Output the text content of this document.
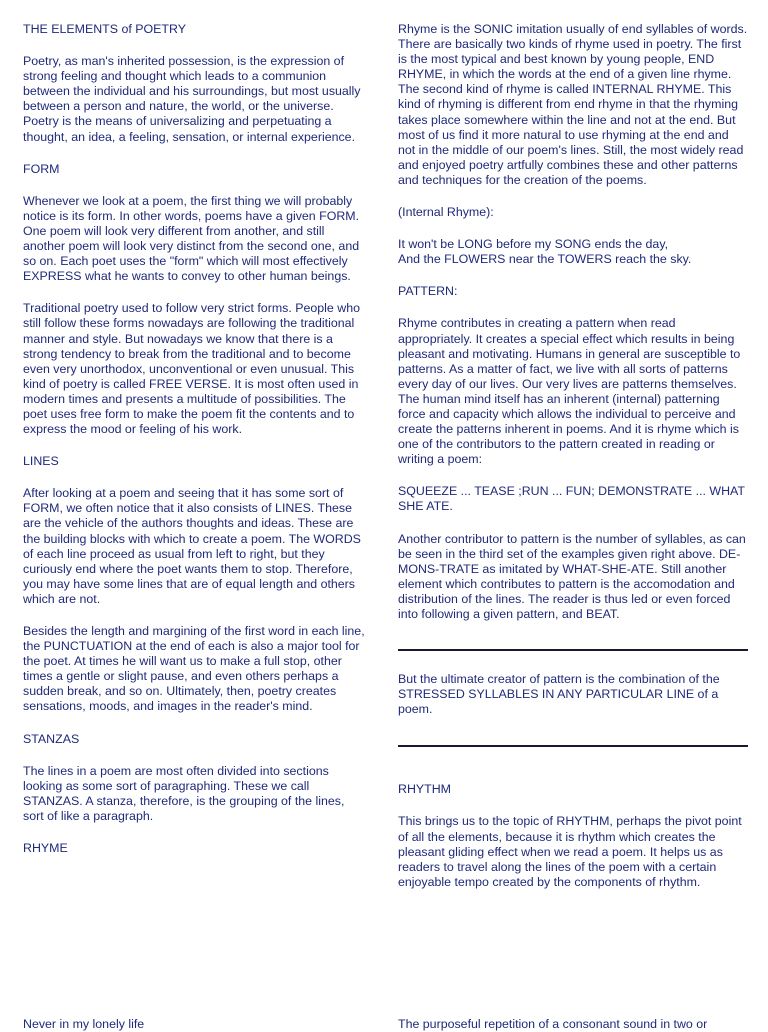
THE ELEMENTS of POETRY

Poetry, as man's inherited possession, is the expression of strong feeling and thought which leads to a communion between the individual and his surroundings, but most usually between a person and nature, the world, or the universe. Poetry is the means of universalizing and perpetuating a thought, an idea, a feeling, sensation, or internal experience.

FORM

Whenever we look at a poem, the first thing we will probably notice is its form. In other words, poems have a given FORM. One poem will look very different from another, and still another poem will look very distinct from the second one, and so on. Each poet uses the "form" which will most effectively EXPRESS what he wants to convey to other human beings.

Traditional poetry used to follow very strict forms. People who still follow these forms nowadays are following the traditional manner and style. But nowadays we know that there is a strong tendency to break from the traditional and to become even very unorthodox, unconventional or even unusual. This kind of poetry is called FREE VERSE. It is most often used in modern times and presents a multitude of possibilities. The poet uses free form to make the poem fit the contents and to express the mood or feeling of his work.

LINES

After looking at a poem and seeing that it has some sort of FORM, we often notice that it also consists of LINES. These are the vehicle of the authors thoughts and ideas. These are the building blocks with which to create a poem. The WORDS of each line proceed as usual from left to right, but they curiously end where the poet wants them to stop. Therefore, you may have some lines that are of equal length and others which are not.

Besides the length and margining of the first word in each line, the PUNCTUATION at the end of each is also a major tool for the poet. At times he will want us to make a full stop, other times a gentle or slight pause, and even others perhaps a sudden break, and so on. Ultimately, then, poetry creates sensations, moods, and images in the reader's mind.

STANZAS

The lines in a poem are most often divided into sections looking as some sort of paragraphing. These we call STANZAS. A stanza, therefore, is the grouping of the lines, sort of like a paragraph.

RHYME

Never in my lonely life

Rhyme is the SONIC imitation usually of end syllables of words. There are basically two kinds of rhyme used in poetry. The first is the most typical and best known by young people, END RHYME, in which the words at the end of a given line rhyme. The second kind of rhyme is called INTERNAL RHYME. This kind of rhyming is different from end rhyme in that the rhyming takes place somewhere within the line and not at the end. But most of us find it more natural to use rhyming at the end and not in the middle of our poem's lines. Still, the most widely read and enjoyed poetry artfully combines these and other patterns and techniques for the creation of the poems.

(Internal Rhyme):

It won't be LONG before my SONG ends the day,
And the FLOWERS near the TOWERS reach the sky.

PATTERN:

Rhyme contributes in creating a pattern when read appropriately. It creates a special effect which results in being pleasant and motivating. Humans in general are susceptible to patterns. As a matter of fact, we live with all sorts of patterns every day of our lives. Our very lives are patterns themselves. The human mind itself has an inherent (internal) patterning force and capacity which allows the individual to perceive and create the patterns inherent in poems. And it is rhyme which is one of the contributors to the pattern created in reading or writing a poem:

SQUEEZE ... TEASE ;RUN ... FUN; DEMONSTRATE ... WHAT SHE ATE.

Another contributor to pattern is the number of syllables, as can be seen in the third set of the examples given right above. DE-MONS-TRATE as imitated by WHAT-SHE-ATE. Still another element which contributes to pattern is the accomodation and distribution of the lines. The reader is thus led or even forced into following a given pattern, and BEAT.

But the ultimate creator of pattern is the combination of the STRESSED SYLLABLES IN ANY PARTICULAR LINE of a poem.

RHYTHM

This brings us to the topic of RHYTHM, perhaps the pivot point of all the elements, because it is rhythm which creates the pleasant gliding effect when we read a poem. It helps us as readers to travel along the lines of the poem with a certain enjoyable tempo created by the components of rhythm.

The purposeful repetition of a consonant sound in two or
